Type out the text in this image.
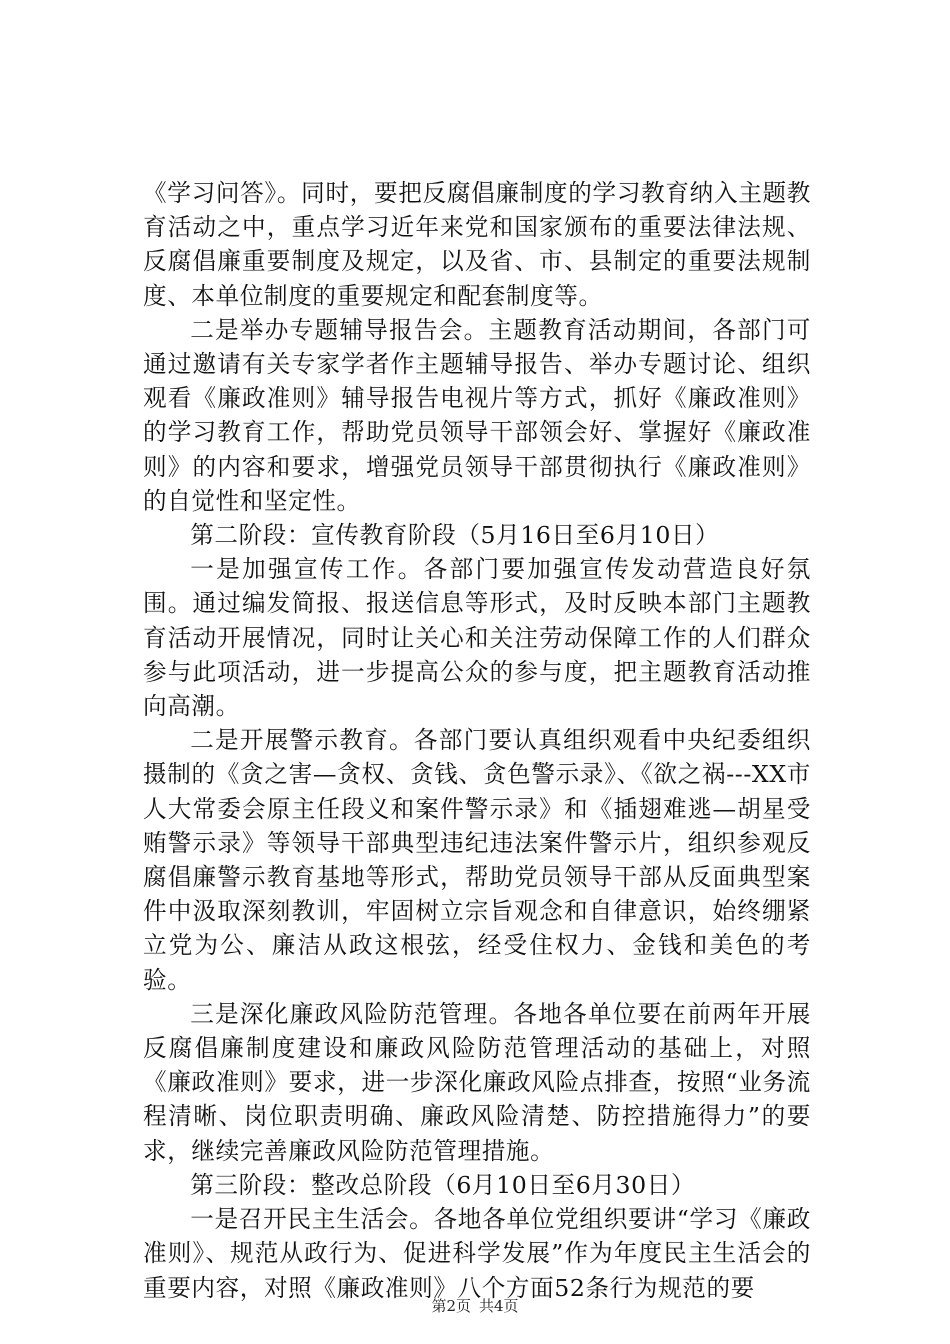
《学习问答》。同时，要把反腐倡廉制度的学习教育纳入主题教育活动之中，重点学习近年来党和国家颁布的重要法律法规、反腐倡廉重要制度及规定，以及省、市、县制定的重要法规制度、本单位制度的重要规定和配套制度等。

二是举办专题辅导报告会。主题教育活动期间，各部门可通过邀请有关专家学者作主题辅导报告、举办专题讨论、组织观看《廉政准则》辅导报告电视片等方式，抓好《廉政准则》的学习教育工作，帮助党员领导干部领会好、掌握好《廉政准则》的内容和要求，增强党员领导干部贯彻执行《廉政准则》的自觉性和坚定性。

第二阶段：宣传教育阶段（5月16日至6月10日）

一是加强宣传工作。各部门要加强宣传发动营造良好氛围。通过编发简报、报送信息等形式，及时反映本部门主题教育活动开展情况，同时让关心和关注劳动保障工作的人们群众参与此项活动，进一步提高公众的参与度，把主题教育活动推向高潮。

二是开展警示教育。各部门要认真组织观看中央纪委组织摄制的《贪之害—贪权、贪钱、贪色警示录》、《欲之祸---XX市人大常委会原主任段义和案件警示录》和《插翅难逃—胡星受贿警示录》等领导干部典型违纪违法案件警示片，组织参观反腐倡廉警示教育基地等形式，帮助党员领导干部从反面典型案件中汲取深刻教训，牢固树立宗旨观念和自律意识，始终绷紧立党为公、廉洁从政这根弦，经受住权力、金钱和美色的考验。

三是深化廉政风险防范管理。各地各单位要在前两年开展反腐倡廉制度建设和廉政风险防范管理活动的基础上，对照《廉政准则》要求，进一步深化廉政风险点排查，按照“业务流程清晰、岗位职责明确、廉政风险清楚、防控措施得力”的要求，继续完善廉政风险防范管理措施。

第三阶段：整改总阶段（6月10日至6月30日）

一是召开民主生活会。各地各单位党组织要讲“学习《廉政准则》、规范从政行为、促进科学发展”作为年度民主生活会的重要内容，对照《廉政准则》八个方面52条行为规范的要

第2页 共4页
